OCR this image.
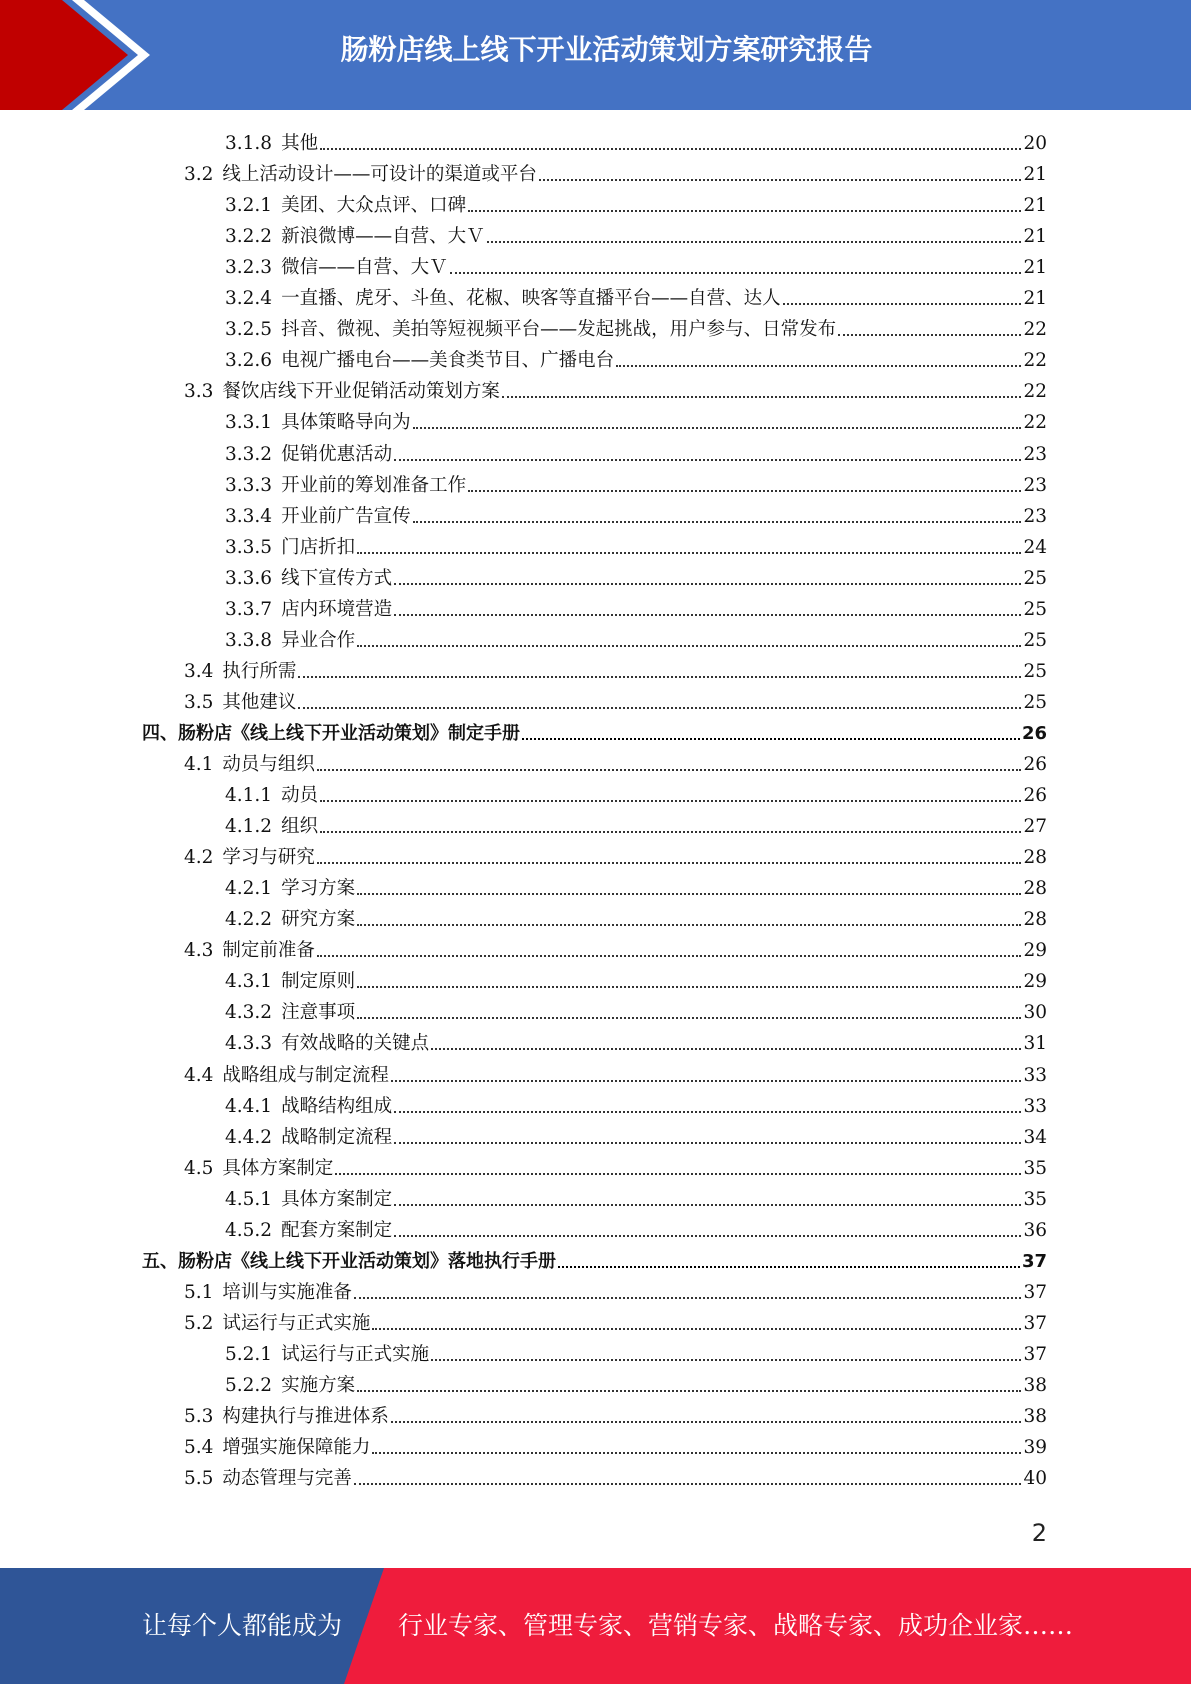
肠粉店线上线下开业活动策划方案研究报告
3.1.8 其他	20
3.2 线上活动设计——可设计的渠道或平台	21
3.2.1 美团、大众点评、口碑	21
3.2.2 新浪微博——自营、大Ｖ	21
3.2.3 微信——自营、大Ｖ	21
3.2.4 一直播、虎牙、斗鱼、花椒、映客等直播平台——自营、达人	21
3.2.5 抖音、微视、美拍等短视频平台——发起挑战，用户参与、日常发布	22
3.2.6 电视广播电台——美食类节目、广播电台	22
3.3 餐饮店线下开业促销活动策划方案	22
3.3.1 具体策略导向为	22
3.3.2 促销优惠活动	23
3.3.3 开业前的筹划准备工作	23
3.3.4 开业前广告宣传	23
3.3.5 门店折扣	24
3.3.6 线下宣传方式	25
3.3.7 店内环境营造	25
3.3.8 异业合作	25
3.4 执行所需	25
3.5 其他建议	25
四、 肠粉店《线上线下开业活动策划》制定手册	26
4.1 动员与组织	26
4.1.1 动员	26
4.1.2 组织	27
4.2 学习与研究	28
4.2.1 学习方案	28
4.2.2 研究方案	28
4.3 制定前准备	29
4.3.1 制定原则	29
4.3.2 注意事项	30
4.3.3 有效战略的关键点	31
4.4 战略组成与制定流程	33
4.4.1 战略结构组成	33
4.4.2 战略制定流程	34
4.5 具体方案制定	35
4.5.1 具体方案制定	35
4.5.2 配套方案制定	36
五、 肠粉店《线上线下开业活动策划》落地执行手册	37
5.1 培训与实施准备	37
5.2 试运行与正式实施	37
5.2.1 试运行与正式实施	37
5.2.2 实施方案	38
5.3 构建执行与推进体系	38
5.4 增强实施保障能力	39
5.5 动态管理与完善	40
2
让每个人都能成为 行业专家、管理专家、营销专家、战略专家、成功企业家……
